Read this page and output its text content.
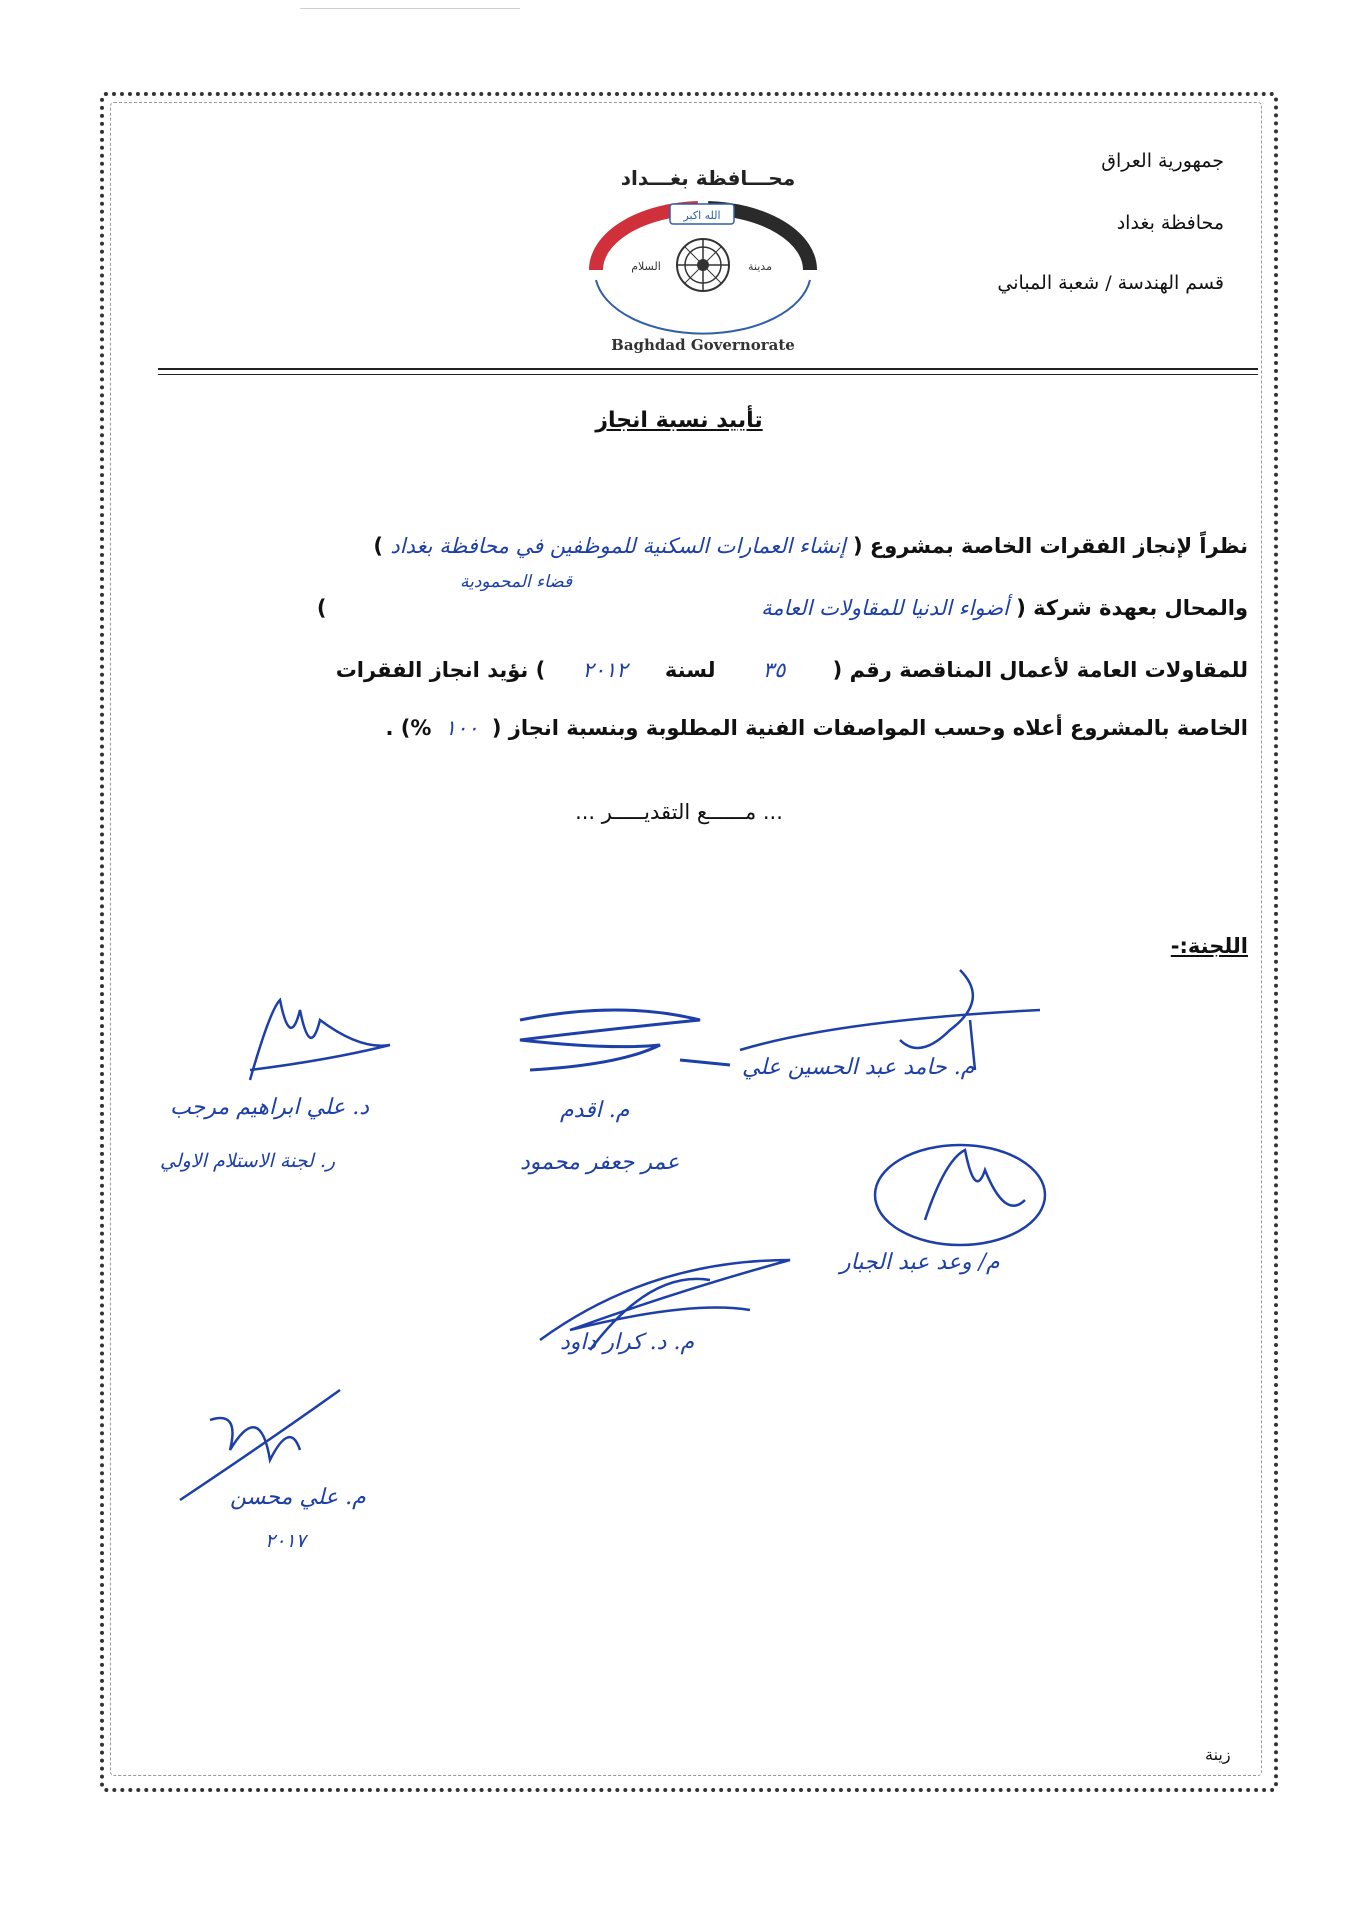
جمهورية العراق
محافظة بغداد
قسم الهندسة / شعبة المباني
محـــافظة بغـــداد
الله اكبر
السلام	مدينة
Baghdad Governorate
تأييد نسبة انجاز
نظراً لإنجاز الفقرات الخاصة بمشروع ( إنشاء العمارات السكنية للموظفين في محافظة بغداد )
قضاء المحمودية
والمحال بعهدة شركة ( أضواء الدنيا للمقاولات العامة  )
للمقاولات العامة لأعمال المناقصة رقم ( ٣٥ لسنة ٢٠١٢ ) نؤيد انجاز الفقرات
الخاصة بالمشروع أعلاه وحسب المواصفات الفنية المطلوبة وبنسبة انجاز ( ١٠٠ %) .
... مــــــع التقديـــــر ...
اللجنة:-
م. حامد عبد الحسين علي
م. اقدم
عمر جعفر محمود
د. علي ابراهيم مرجب
ر. لجنة الاستلام الاولي
م/ وعد عبد الجبار
م. د. كرار داود
م. علي محسن
٢٠١٧
زينة
